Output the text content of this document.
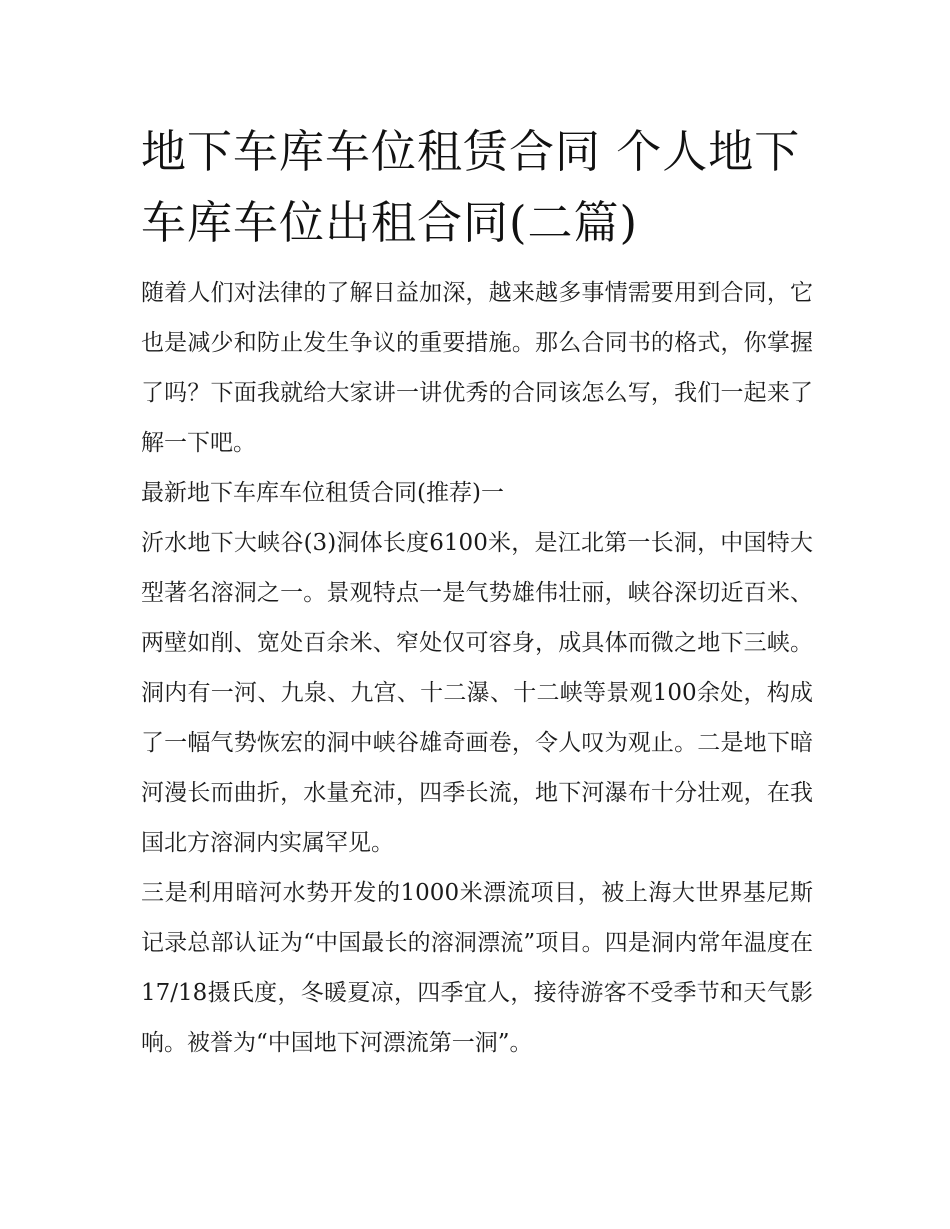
地下车库车位租赁合同 个人地下车库车位出租合同(二篇)

随着人们对法律的了解日益加深，越来越多事情需要用到合同，它也是减少和防止发生争议的重要措施。那么合同书的格式，你掌握了吗？下面我就给大家讲一讲优秀的合同该怎么写，我们一起来了解一下吧。

最新地下车库车位租赁合同(推荐)一

沂水地下大峡谷(3)洞体长度6100米，是江北第一长洞，中国特大型著名溶洞之一。景观特点一是气势雄伟壮丽，峡谷深切近百米、两壁如削、宽处百余米、窄处仅可容身，成具体而微之地下三峡。洞内有一河、九泉、九宫、十二瀑、十二峡等景观100余处，构成了一幅气势恢宏的洞中峡谷雄奇画卷，令人叹为观止。二是地下暗河漫长而曲折，水量充沛，四季长流，地下河瀑布十分壮观，在我国北方溶洞内实属罕见。

三是利用暗河水势开发的1000米漂流项目，被上海大世界基尼斯记录总部认证为“中国最长的溶洞漂流”项目。四是洞内常年温度在17/18摄氏度，冬暖夏凉，四季宜人，接待游客不受季节和天气影响。被誉为“中国地下河漂流第一洞”。
